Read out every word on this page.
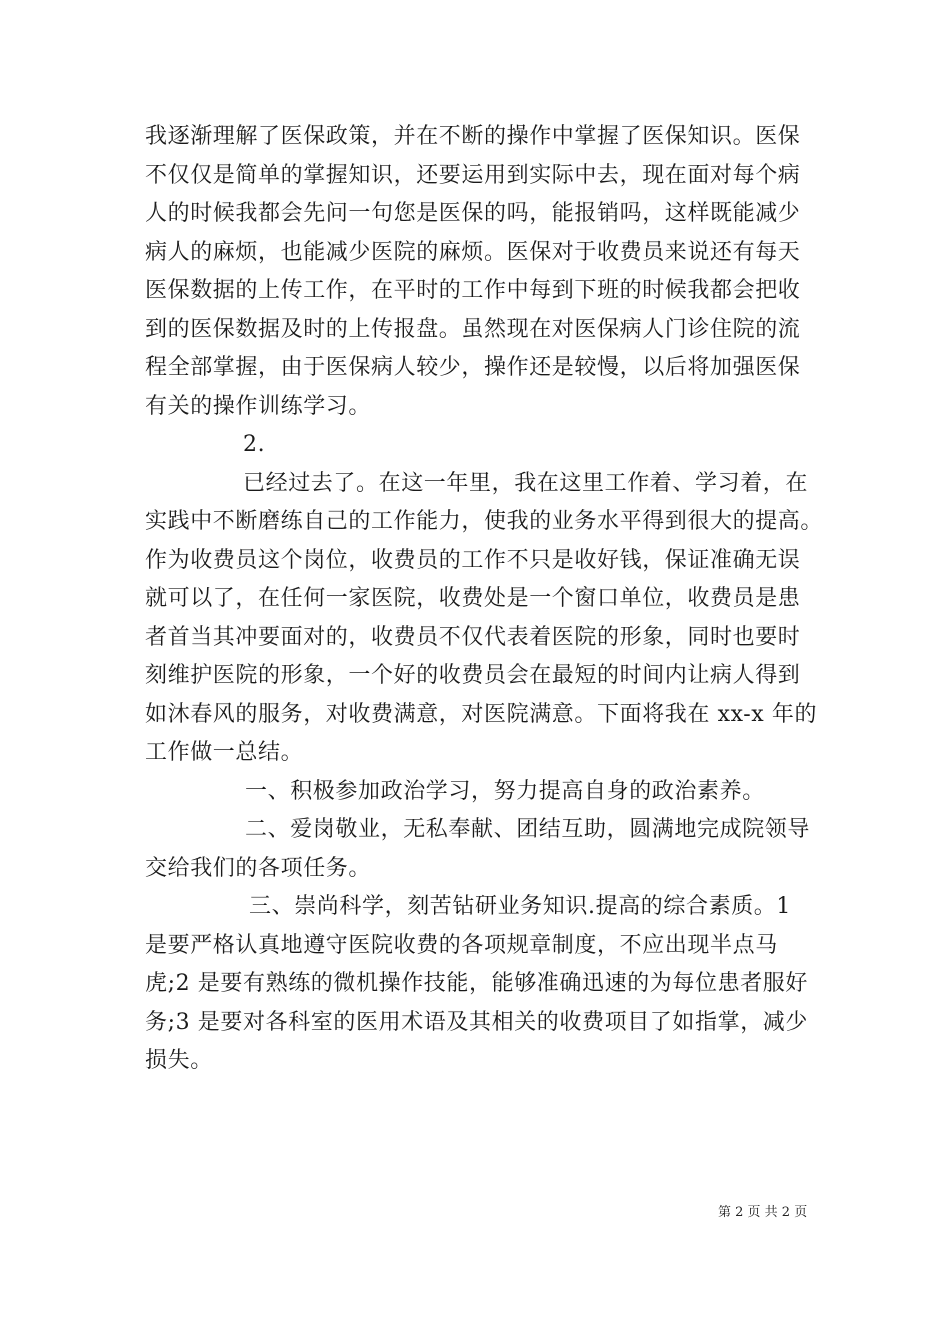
我逐渐理解了医保政策，并在不断的操作中掌握了医保知识。医保
不仅仅是简单的掌握知识，还要运用到实际中去，现在面对每个病
人的时候我都会先问一句您是医保的吗，能报销吗，这样既能减少
病人的麻烦，也能减少医院的麻烦。医保对于收费员来说还有每天
医保数据的上传工作，在平时的工作中每到下班的时候我都会把收
到的医保数据及时的上传报盘。虽然现在对医保病人门诊住院的流
程全部掌握，由于医保病人较少，操作还是较慢，以后将加强医保
有关的操作训练学习。
2.
已经过去了。在这一年里，我在这里工作着、学习着，在
实践中不断磨练自己的工作能力，使我的业务水平得到很大的提高。
作为收费员这个岗位，收费员的工作不只是收好钱，保证准确无误
就可以了，在任何一家医院，收费处是一个窗口单位，收费员是患
者首当其冲要面对的，收费员不仅代表着医院的形象，同时也要时
刻维护医院的形象，一个好的收费员会在最短的时间内让病人得到
如沐春风的服务，对收费满意，对医院满意。下面将我在 xx-x 年的
工作做一总结。
一、积极参加政治学习，努力提高自身的政治素养。
二、爱岗敬业，无私奉献、团结互助，圆满地完成院领导
交给我们的各项任务。
三、崇尚科学，刻苦钻研业务知识.提高的综合素质。1
是要严格认真地遵守医院收费的各项规章制度，不应出现半点马
虎;2 是要有熟练的微机操作技能，能够准确迅速的为每位患者服好
务;3 是要对各科室的医用术语及其相关的收费项目了如指掌，减少
损失。
第 2 页 共 2 页
